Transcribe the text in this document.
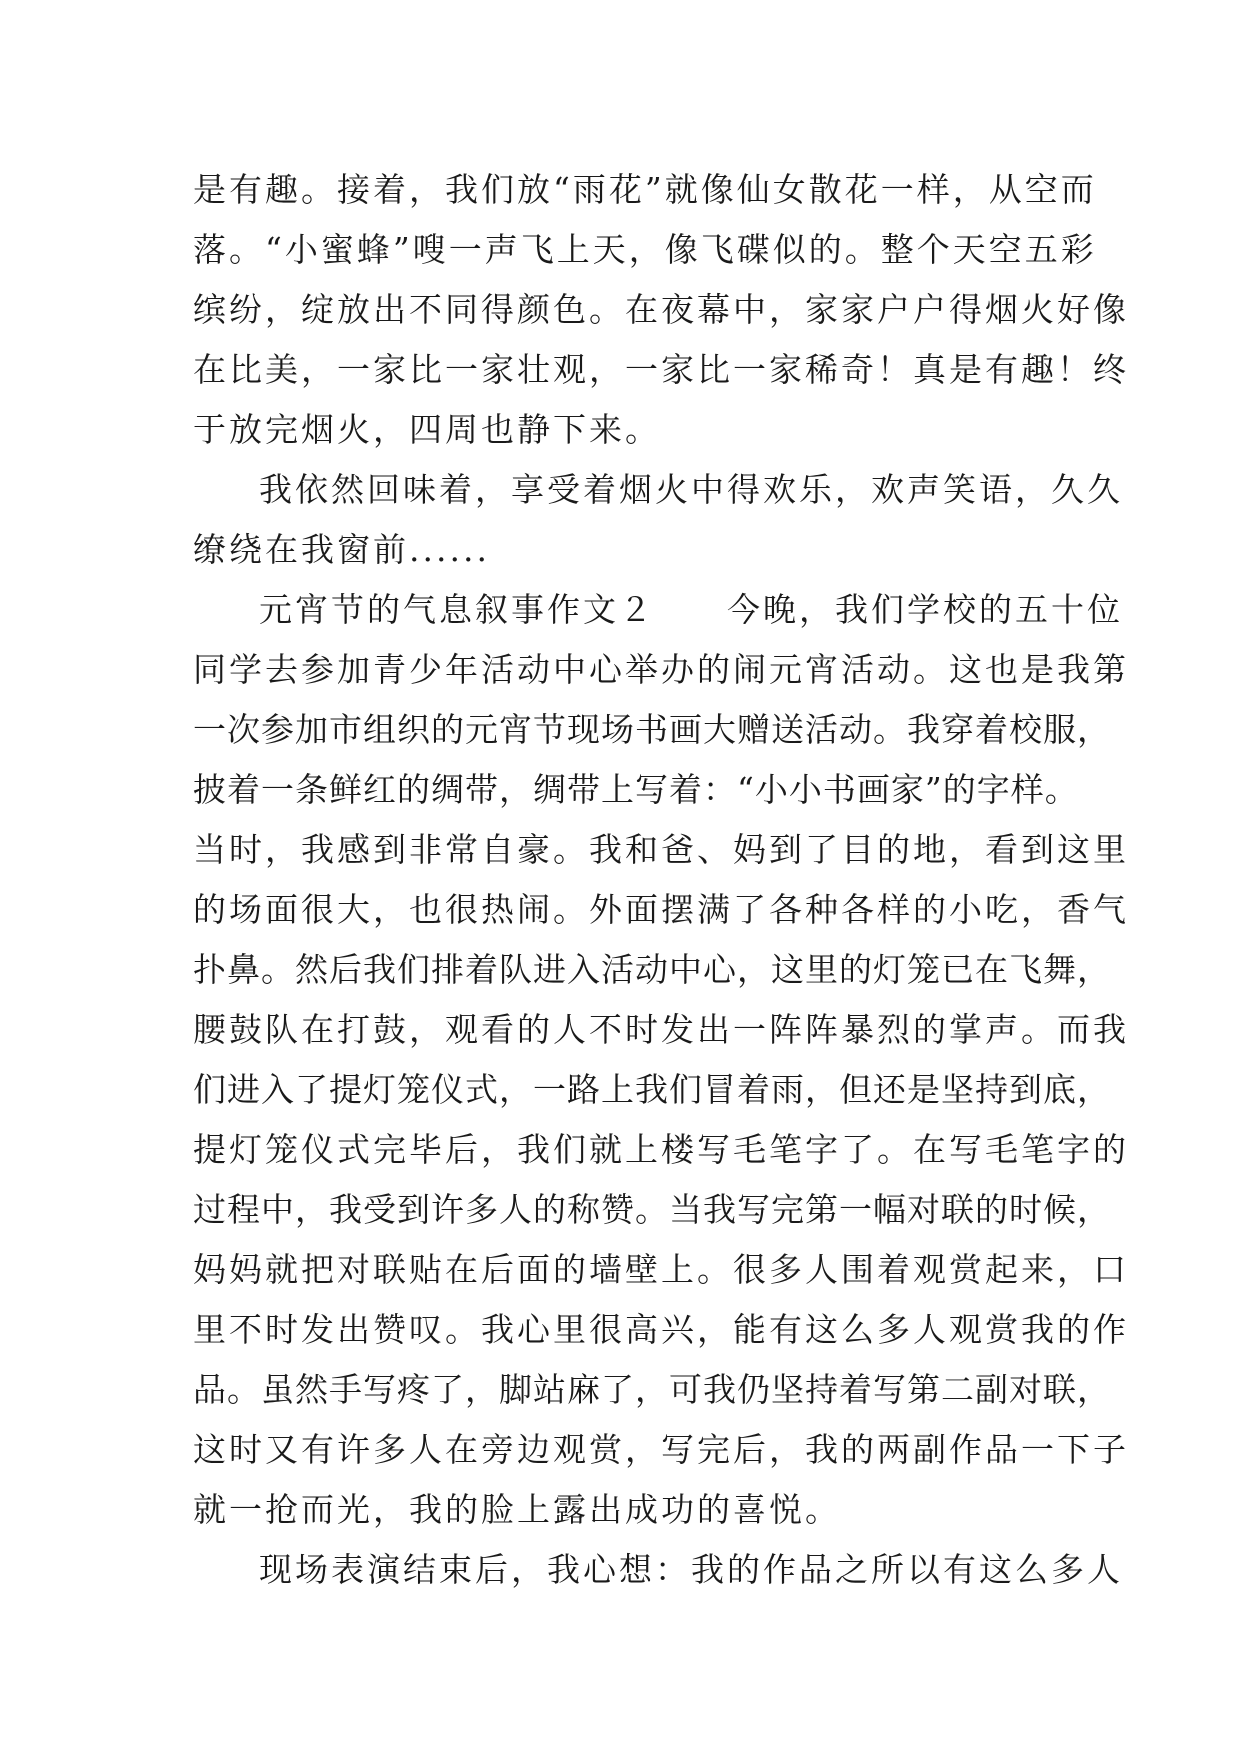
是有趣。接着，我们放“雨花”就像仙女散花一样，从空而
落。“小蜜蜂”嗖一声飞上天，像飞碟似的。整个天空五彩
缤纷，绽放出不同得颜色。在夜幕中，家家户户得烟火好像
在比美，一家比一家壮观，一家比一家稀奇！真是有趣！终
于放完烟火，四周也静下来。
我依然回味着，享受着烟火中得欢乐，欢声笑语，久久
缭绕在我窗前......
元宵节的气息叙事作文２　　今晚，我们学校的五十位
同学去参加青少年活动中心举办的闹元宵活动。这也是我第
一次参加市组织的元宵节现场书画大赠送活动。我穿着校服，
披着一条鲜红的绸带，绸带上写着：“小小书画家”的字样。
当时，我感到非常自豪。我和爸、妈到了目的地，看到这里
的场面很大，也很热闹。外面摆满了各种各样的小吃，香气
扑鼻。然后我们排着队进入活动中心，这里的灯笼已在飞舞，
腰鼓队在打鼓，观看的人不时发出一阵阵暴烈的掌声。而我
们进入了提灯笼仪式，一路上我们冒着雨，但还是坚持到底，
提灯笼仪式完毕后，我们就上楼写毛笔字了。在写毛笔字的
过程中，我受到许多人的称赞。当我写完第一幅对联的时候，
妈妈就把对联贴在后面的墙壁上。很多人围着观赏起来，口
里不时发出赞叹。我心里很高兴，能有这么多人观赏我的作
品。虽然手写疼了，脚站麻了，可我仍坚持着写第二副对联，
这时又有许多人在旁边观赏，写完后，我的两副作品一下子
就一抢而光，我的脸上露出成功的喜悦。
现场表演结束后，我心想：我的作品之所以有这么多人
